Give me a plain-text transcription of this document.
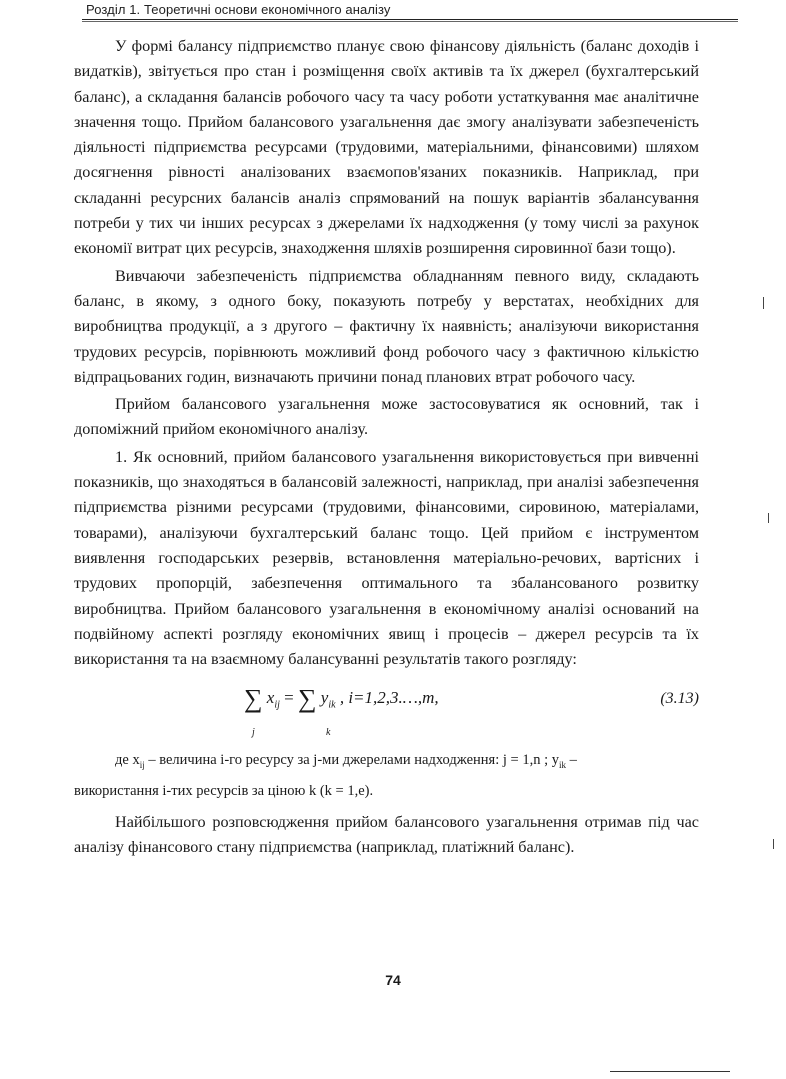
Розділ 1. Теоретичні основи економічного аналізу

У формі балансу підприємство планує свою фінансову діяльність (баланс доходів і видатків), звітується про стан і розміщення своїх активів та їх джерел (бухгалтерський баланс), а складання балансів робочого часу та часу роботи устаткування має аналітичне значення тощо. Прийом балансового узагальнення дає змогу аналізувати забезпеченість діяльності підприємства ресурсами (трудовими, матеріальними, фінансовими) шляхом досягнення рівності аналізованих взаємопов'язаних показників. Наприклад, при складанні ресурсних балансів аналіз спрямований на пошук варіантів збалансування потреби у тих чи інших ресурсах з джерелами їх надходження (у тому числі за рахунок економії витрат цих ресурсів, знаходження шляхів розширення сировинної бази тощо).

Вивчаючи забезпеченість підприємства обладнанням певного виду, складають баланс, в якому, з одного боку, показують потребу у верстатах, необхідних для виробництва продукції, а з другого – фактичну їх наявність; аналізуючи використання трудових ресурсів, порівнюють можливий фонд робочого часу з фактичною кількістю відпрацьованих годин, визначають причини понад планових втрат робочого часу.

Прийом балансового узагальнення може застосовуватися як основний, так і допоміжний прийом економічного аналізу.

1. Як основний, прийом балансового узагальнення використовується при вивченні показників, що знаходяться в балансовій залежності, наприклад, при аналізі забезпечення підприємства різними ресурсами (трудовими, фінансовими, сировиною, матеріалами, товарами), аналізуючи бухгалтерський баланс тощо. Цей прийом є інструментом виявлення господарських резервів, встановлення матеріально-речових, вартісних і трудових пропорцій, забезпечення оптимального та збалансованого розвитку виробництва. Прийом балансового узагальнення в економічному аналізі оснований на подвійному аспекті розгляду економічних явищ і процесів – джерел ресурсів та їх використання та на взаємному балансуванні результатів такого розгляду:

∑ $x_{ij}$ = ∑ $y_{ik}$ , i=1,2,3.…,m,
j	k
(3.13)

де $x_{ij}$ – величина i-го ресурсу за j-ми джерелами надходження: j = 1,n ; $y_{ik}$ –

використання i-тих ресурсів за ціною k (k = 1,e).

Найбільшого розповсюдження прийом балансового узагальнення отримав під час аналізу фінансового стану підприємства (наприклад, платіжний баланс).

74
